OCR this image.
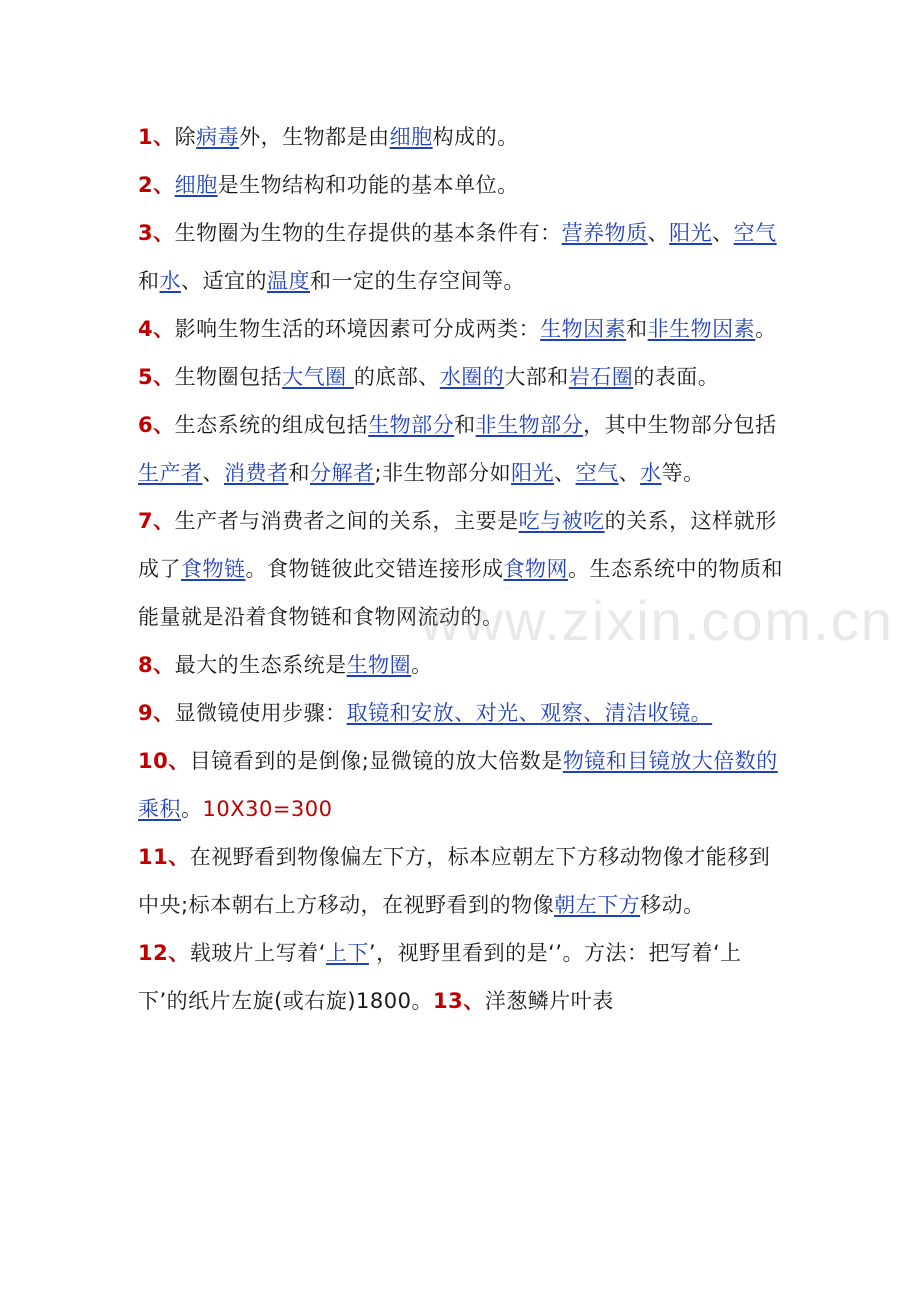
1、除病毒外，生物都是由细胞构成的。

2、细胞是生物结构和功能的基本单位。

3、生物圈为生物的生存提供的基本条件有：营养物质、阳光、空气和水、适宜的温度和一定的生存空间等。

4、影响生物生活的环境因素可分成两类：生物因素和非生物因素。

5、生物圈包括大气圈 的底部、水圈的大部和岩石圈的表面。

6、生态系统的组成包括生物部分和非生物部分，其中生物部分包括生产者、消费者和分解者;非生物部分如阳光、空气、水等。

7、生产者与消费者之间的关系，主要是吃与被吃的关系，这样就形成了食物链。食物链彼此交错连接形成食物网。生态系统中的物质和能量就是沿着食物链和食物网流动的。

8、最大的生态系统是生物圈。

9、显微镜使用步骤：取镜和安放、对光、观察、清洁收镜。

10、目镜看到的是倒像;显微镜的放大倍数是物镜和目镜放大倍数的乘积。10X30=300

11、在视野看到物像偏左下方，标本应朝左下方移动物像才能移到中央;标本朝右上方移动，在视野看到的物像朝左下方移动。

12、载玻片上写着‘上下’，视野里看到的是‘’。方法：把写着‘上下’的纸片左旋(或右旋)1800。13、洋葱鳞片叶表

www.zixin.com.cn
